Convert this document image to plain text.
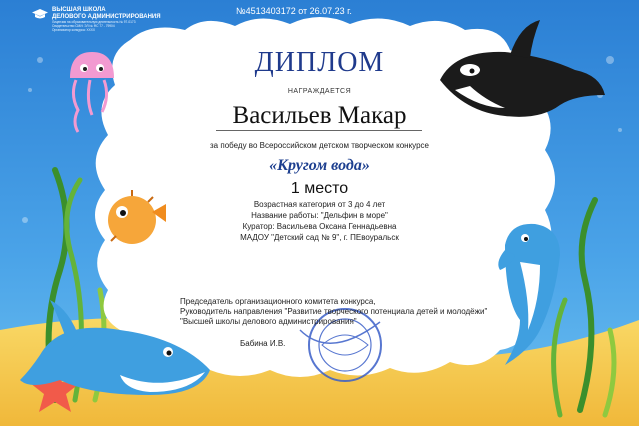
ВЫСШАЯ ШКОЛА
ДЕЛОВОГО АДМИНИСТРИРОВАНИЯ
Лицензия на образовательную деятельность № 97-0173
Свидетельство СМИ: ЭЛ № ФС 77 - 79904
Организатор конкурса: ХХХХ
№4513403172 от 26.07.23 г.
ДИПЛОМ
НАГРАЖДАЕТСЯ
Васильев Макар
за победу во Всероссийском детском творческом конкурсе
«Кругом вода»
1 место
Возрастная категория от 3 до 4 лет
Название работы: "Дельфин в море"
Куратор: Васильева Оксана Геннадьевна
МАДОУ "Детский сад № 9", г. ПЕвоуральск
Председатель организационного комитета конкурса,
Руководитель направления "Развитие творческого потенциала детей и молодёжи"
"Высшей школы делового администрирования"
Бабина И.В.
